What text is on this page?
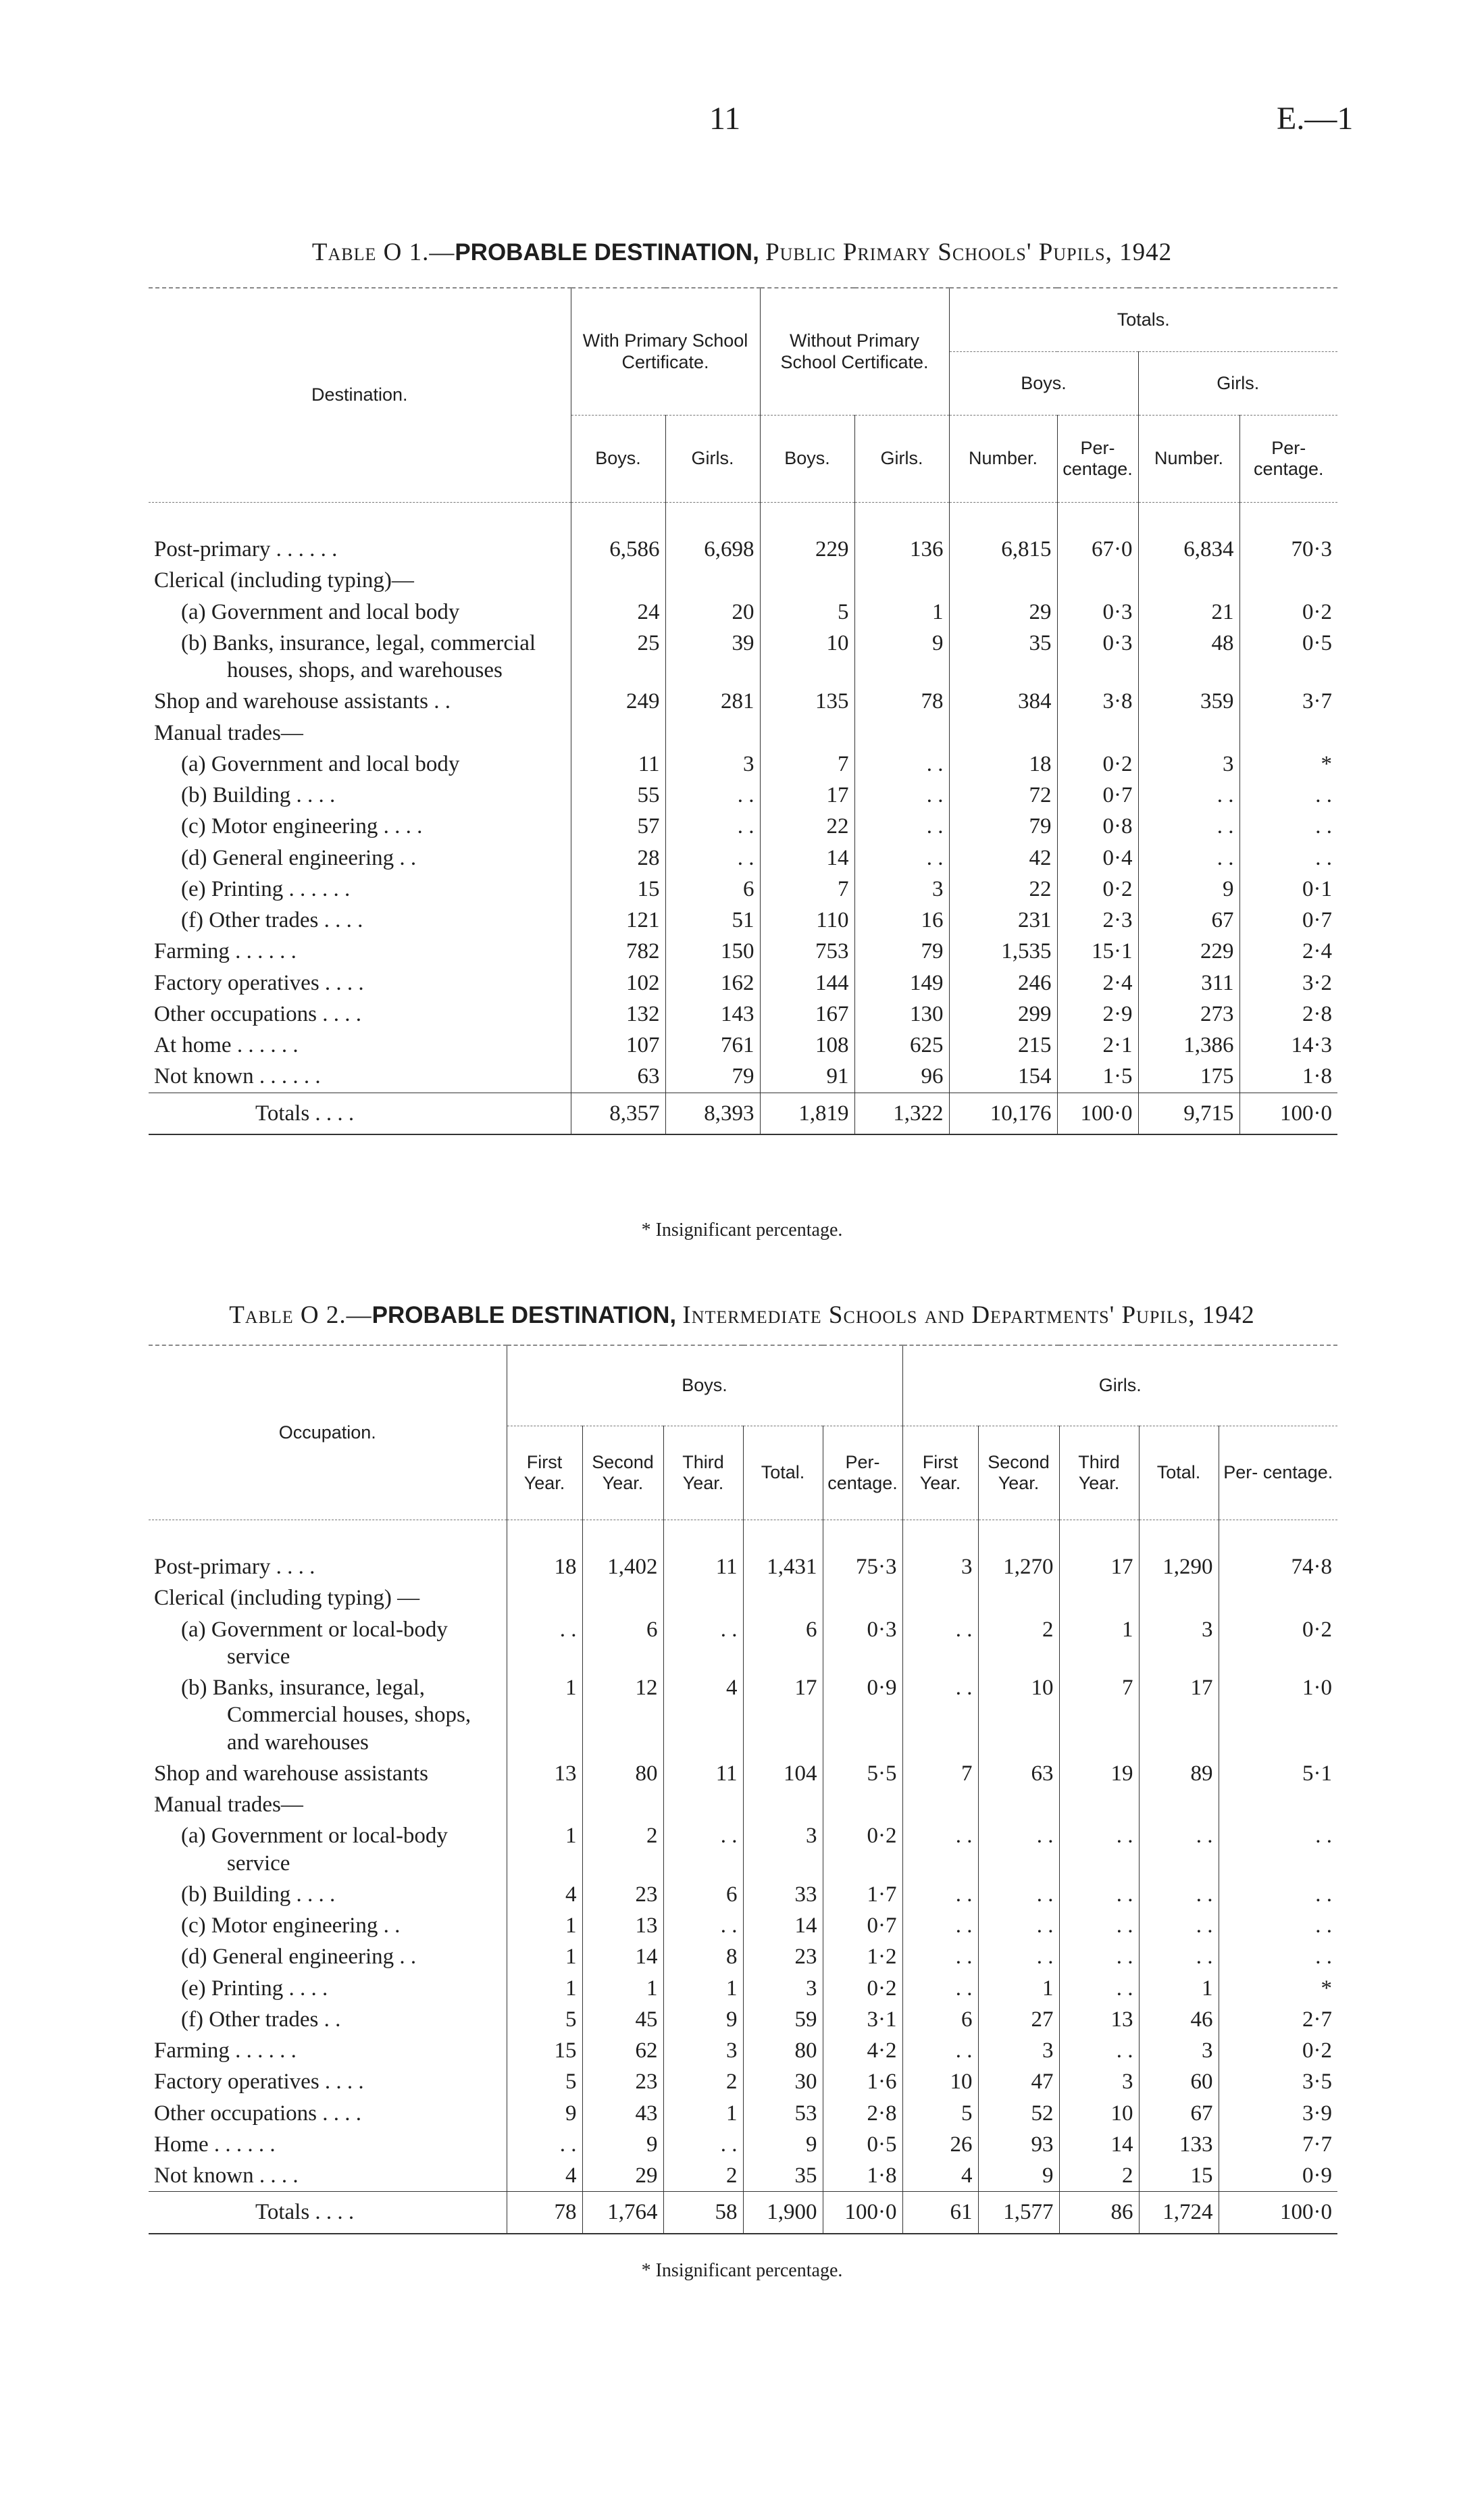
11	E.—1
Table O 1.—PROBABLE DESTINATION, Public Primary Schools' Pupils, 1942
Destination.	With Primary School Certificate.		Without Primary School Certificate.		Totals.			
					Boys.		Girls.	
	Boys.	Girls.	Boys.	Girls.	Number.	Per- centage.	Number.	Per- centage.

Post-primary . . . . . .	6,586	6,698	229	136	6,815	67·0	6,834	70·3
Clerical (including typing)—								

(a) Government and local body	24	20	5	1	29	0·3	21	0·2

(b) Banks, insurance, legal, commercial houses, shops, and warehouses	25	39	10	9	35	0·3	48	0·5
Shop and warehouse assistants . .	249	281	135	78	384	3·8	359	3·7
Manual trades—								

(a) Government and local body	11	3	7	. .	18	0·2	3	*

(b) Building . . . .	55	. .	17	. .	72	0·7	. .	. .

(c) Motor engineering . . . .	57	. .	22	. .	79	0·8	. .	. .

(d) General engineering . .	28	. .	14	. .	42	0·4	. .	. .

(e) Printing . . . . . .	15	6	7	3	22	0·2	9	0·1

(f) Other trades . . . .	121	51	110	16	231	2·3	67	0·7
Farming . . . . . .	782	150	753	79	1,535	15·1	229	2·4
Factory operatives . . . .	102	162	144	149	246	2·4	311	3·2
Other occupations . . . .	132	143	167	130	299	2·9	273	2·8
At home . . . . . .	107	761	108	625	215	2·1	1,386	14·3
Not known . . . . . .	63	79	91	96	154	1·5	175	1·8
Totals . . . .	8,357	8,393	1,819	1,322	10,176	100·0	9,715	100·0
* Insignificant percentage.
Table O 2.—PROBABLE DESTINATION, Intermediate Schools and Departments' Pupils, 1942
Occupation.	Boys.					Girls.				
	First Year.	Second Year.	Third Year.	Total.	Per- centage.	First Year.	Second Year.	Third Year.	Total.	Per- centage.

Post-primary . . . .	18	1,402	11	1,431	75·3	3	1,270	17	1,290	74·8
Clerical (including typing) —										

(a) Government or local-body service	. .	6	. .	6	0·3	. .	2	1	3	0·2

(b) Banks, insurance, legal, Commercial houses, shops, and warehouses	1	12	4	17	0·9	. .	10	7	17	1·0
Shop and warehouse assistants	13	80	11	104	5·5	7	63	19	89	5·1
Manual trades—										

(a) Government or local-body service	1	2	. .	3	0·2	. .	. .	. .	. .	. .

(b) Building . . . .	4	23	6	33	1·7	. .	. .	. .	. .	. .

(c) Motor engineering . .	1	13	. .	14	0·7	. .	. .	. .	. .	. .

(d) General engineering . .	1	14	8	23	1·2	. .	. .	. .	. .	. .

(e) Printing . . . .	1	1	1	3	0·2	. .	1	. .	1	*

(f) Other trades . .	5	45	9	59	3·1	6	27	13	46	2·7
Farming . . . . . .	15	62	3	80	4·2	. .	3	. .	3	0·2
Factory operatives . . . .	5	23	2	30	1·6	10	47	3	60	3·5
Other occupations . . . .	9	43	1	53	2·8	5	52	10	67	3·9
Home . . . . . .	. .	9	. .	9	0·5	26	93	14	133	7·7
Not known . . . .	4	29	2	35	1·8	4	9	2	15	0·9
Totals . . . .	78	1,764	58	1,900	100·0	61	1,577	86	1,724	100·0
* Insignificant percentage.
